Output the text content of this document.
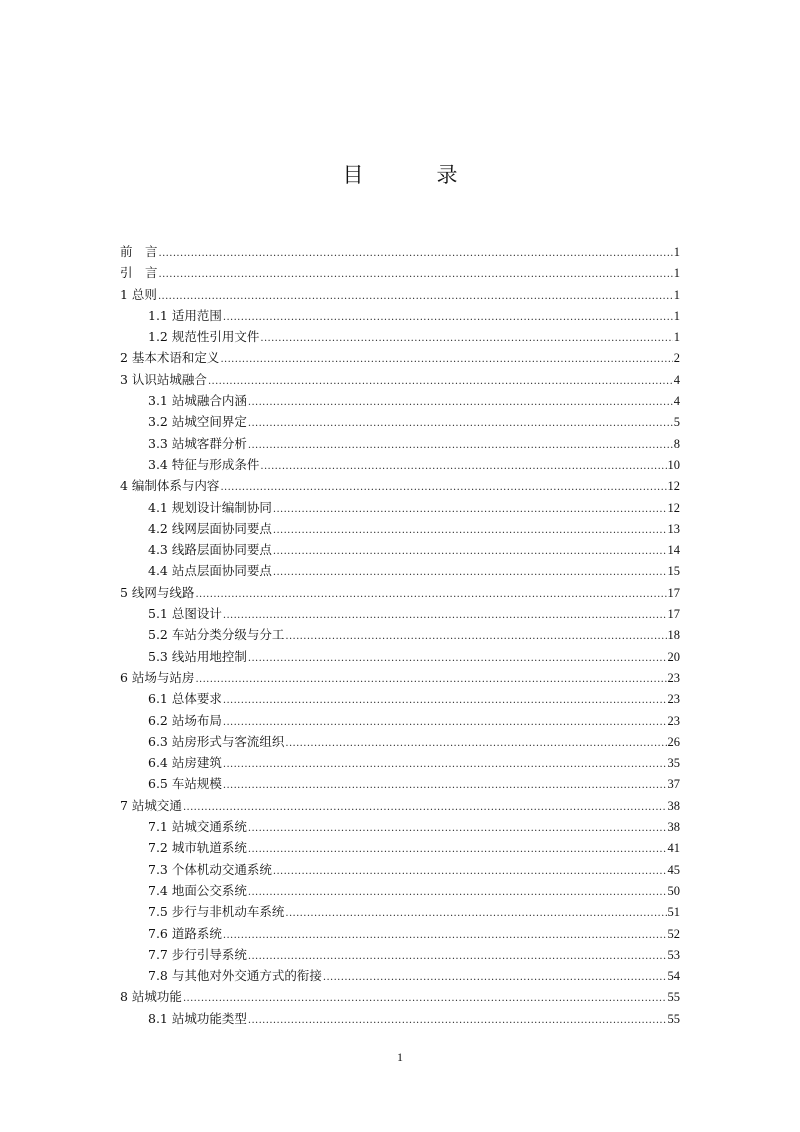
目　录
前　言 .....	1
引　言 .....	1
1 总则 .....	1
1.1 适用范围 .....	1
1.2 规范性引用文件 .....	1
2 基本术语和定义 .....	2
3 认识站城融合 .....	4
3.1 站城融合内涵 .....	4
3.2 站城空间界定 .....	5
3.3 站城客群分析 .....	8
3.4 特征与形成条件 .....	10
4 编制体系与内容 .....	12
4.1 规划设计编制协同 .....	12
4.2 线网层面协同要点 .....	13
4.3 线路层面协同要点 .....	14
4.4 站点层面协同要点 .....	15
5 线网与线路 .....	17
5.1 总图设计 .....	17
5.2 车站分类分级与分工 .....	18
5.3 线站用地控制 .....	20
6 站场与站房 .....	23
6.1 总体要求 .....	23
6.2 站场布局 .....	23
6.3 站房形式与客流组织 .....	26
6.4 站房建筑 .....	35
6.5 车站规模 .....	37
7 站城交通 .....	38
7.1 站城交通系统 .....	38
7.2 城市轨道系统 .....	41
7.3 个体机动交通系统 .....	45
7.4 地面公交系统 .....	50
7.5 步行与非机动车系统 .....	51
7.6 道路系统 .....	52
7.7 步行引导系统 .....	53
7.8 与其他对外交通方式的衔接 .....	54
8 站城功能 .....	55
8.1 站城功能类型 .....	55
1
